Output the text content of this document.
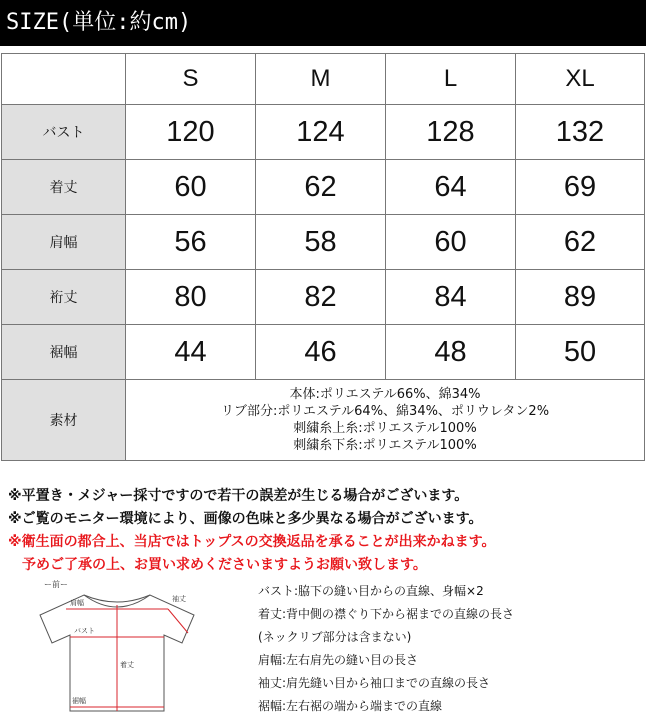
SIZE(単位:約cm)
	S	M	L	XL
バスト	120	124	128	132
着丈	60	62	64	69
肩幅	56	58	60	62
裄丈	80	82	84	89
裾幅	44	46	48	50
素材	本体:ポリエステル66%、綿34%
リブ部分:ポリエステル64%、綿34%、ポリウレタン2%
刺繍糸上糸:ポリエステル100%
刺繍糸下糸:ポリエステル100%			
※平置き・メジャー採寸ですので若干の誤差が生じる場合がございます。
※ご覧のモニター環境により、画像の色味と多少異なる場合がございます。
※衛生面の都合上、当店ではトップスの交換返品を承ることが出来かねます。
予めご了承の上、お買い求めくださいますようお願い致します。
ー前ー
肩幅	袖丈
バスト
着丈
裾幅
バスト:脇下の縫い目からの直線、身幅×2
着丈:背中側の襟ぐり下から裾までの直線の長さ
(ネックリブ部分は含まない)
肩幅:左右肩先の縫い目の長さ
袖丈:肩先縫い目から袖口までの直線の長さ
裾幅:左右裾の端から端までの直線
